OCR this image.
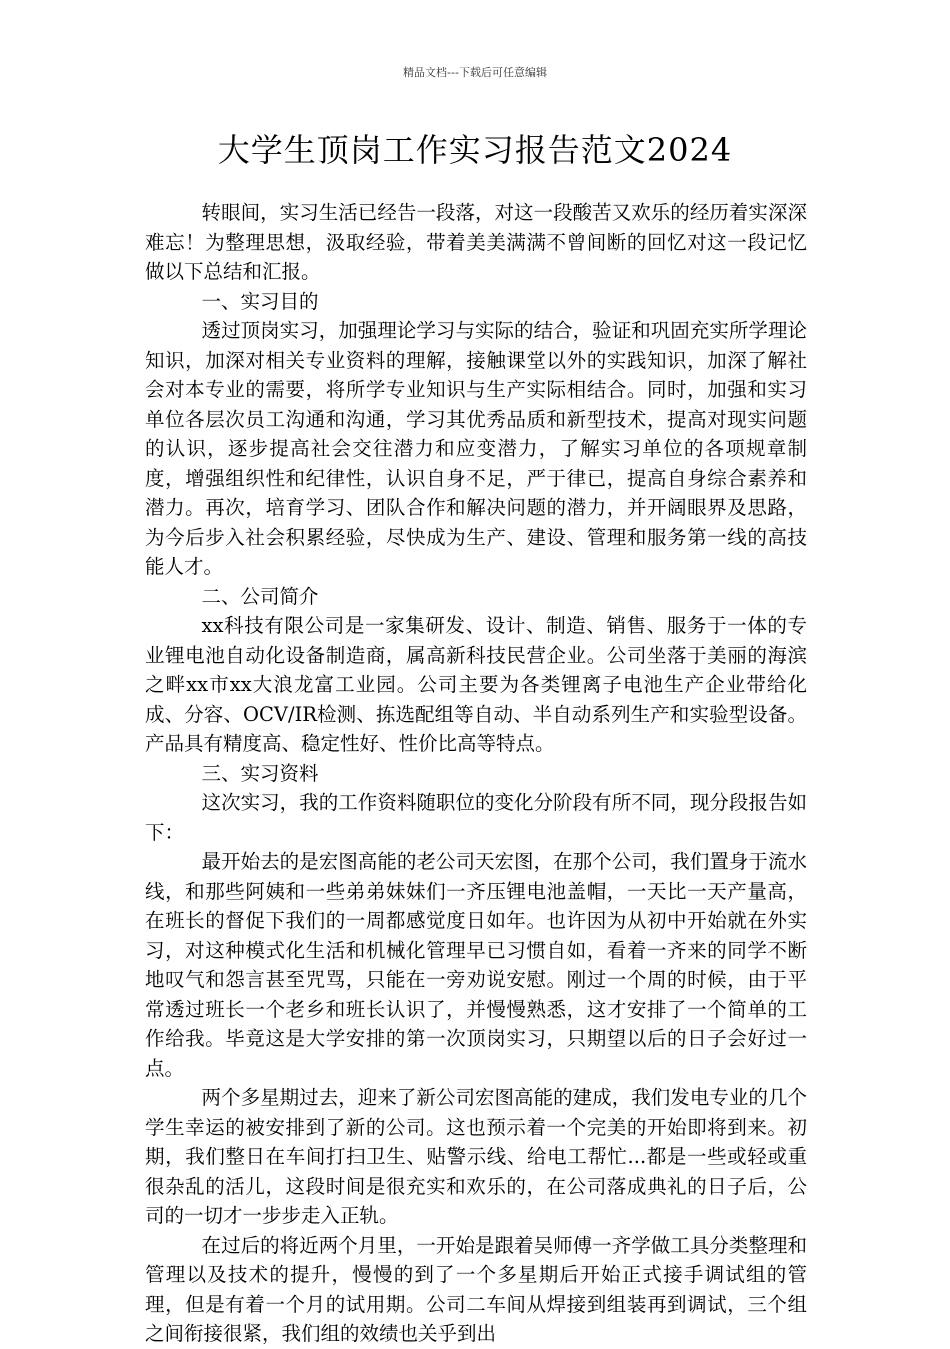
精品文档---下载后可任意编辑
大学生顶岗工作实习报告范文2024

转眼间，实习生活已经告一段落，对这一段酸苦又欢乐的经历着实深深难忘！为整理思想，汲取经验，带着美美满满不曾间断的回忆对这一段记忆做以下总结和汇报。

一、实习目的

透过顶岗实习，加强理论学习与实际的结合，验证和巩固充实所学理论知识，加深对相关专业资料的理解，接触课堂以外的实践知识，加深了解社会对本专业的需要，将所学专业知识与生产实际相结合。同时，加强和实习单位各层次员工沟通和沟通，学习其优秀品质和新型技术，提高对现实问题的认识，逐步提高社会交往潜力和应变潜力，了解实习单位的各项规章制度，增强组织性和纪律性，认识自身不足，严于律已，提高自身综合素养和潜力。再次，培育学习、团队合作和解决问题的潜力，并开阔眼界及思路，为今后步入社会积累经验，尽快成为生产、建设、管理和服务第一线的高技能人才。

二、公司简介

xx科技有限公司是一家集研发、设计、制造、销售、服务于一体的专业锂电池自动化设备制造商，属高新科技民营企业。公司坐落于美丽的海滨之畔xx市xx大浪龙富工业园。公司主要为各类锂离子电池生产企业带给化成、分容、OCV/IR检测、拣选配组等自动、半自动系列生产和实验型设备。产品具有精度高、稳定性好、性价比高等特点。

三、实习资料

这次实习，我的工作资料随职位的变化分阶段有所不同，现分段报告如下：

最开始去的是宏图高能的老公司天宏图，在那个公司，我们置身于流水线，和那些阿姨和一些弟弟妹妹们一齐压锂电池盖帽，一天比一天产量高，在班长的督促下我们的一周都感觉度日如年。也许因为从初中开始就在外实习，对这种模式化生活和机械化管理早已习惯自如，看着一齐来的同学不断地叹气和怨言甚至咒骂，只能在一旁劝说安慰。刚过一个周的时候，由于平常透过班长一个老乡和班长认识了，并慢慢熟悉，这才安排了一个简单的工作给我。毕竟这是大学安排的第一次顶岗实习，只期望以后的日子会好过一点。

两个多星期过去，迎来了新公司宏图高能的建成，我们发电专业的几个学生幸运的被安排到了新的公司。这也预示着一个完美的开始即将到来。初期，我们整日在车间打扫卫生、贴警示线、给电工帮忙...都是一些或轻或重很杂乱的活儿，这段时间是很充实和欢乐的，在公司落成典礼的日子后，公司的一切才一步步走入正轨。

在过后的将近两个月里，一开始是跟着吴师傅一齐学做工具分类整理和管理以及技术的提升，慢慢的到了一个多星期后开始正式接手调试组的管理，但是有着一个月的试用期。公司二车间从焊接到组装再到调试，三个组之间衔接很紧，我们组的效绩也关乎到出
